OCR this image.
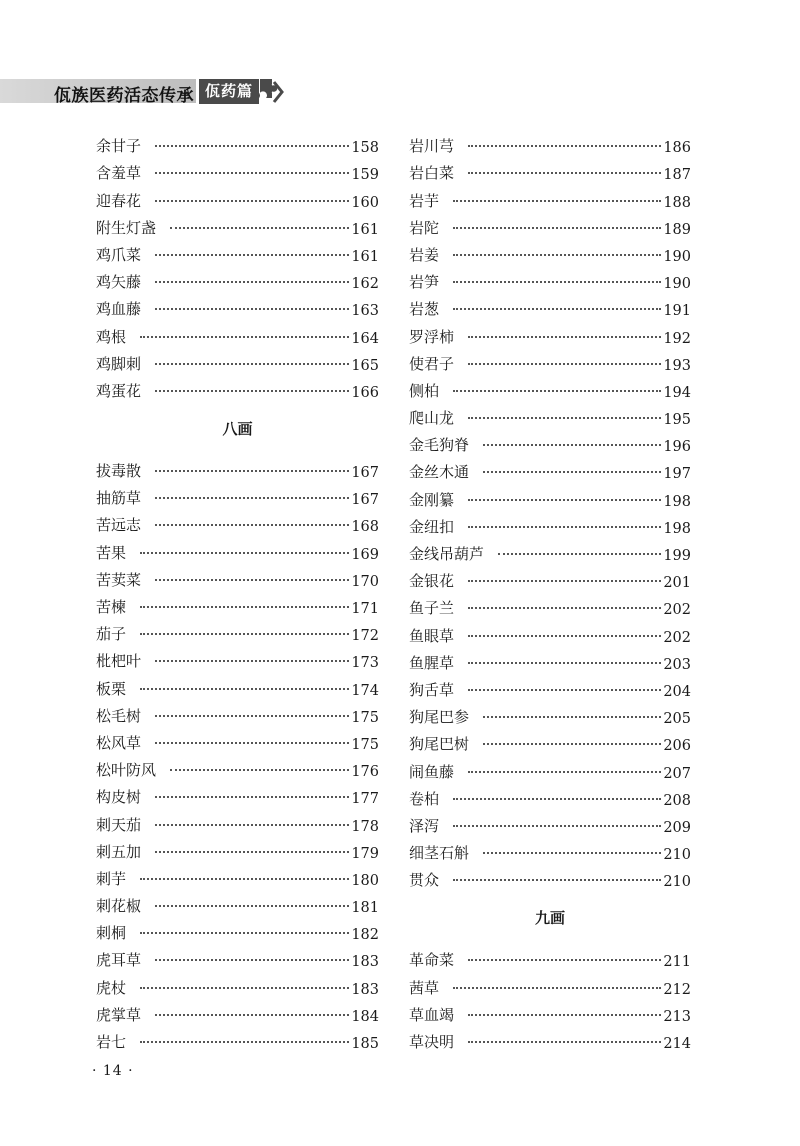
佤族医药活态传承 佤药篇
余甘子	158
含羞草	159
迎春花	160
附生灯盏	161
鸡爪菜	161
鸡矢藤	162
鸡血藤	163
鸡根	164
鸡脚刺	165
鸡蛋花	166
八画
拔毒散	167
抽筋草	167
苦远志	168
苦果	169
苦荬菜	170
苦楝	171
茄子	172
枇杷叶	173
板栗	174
松毛树	175
松风草	175
松叶防风	176
构皮树	177
刺天茄	178
刺五加	179
刺芋	180
刺花椒	181
刺桐	182
虎耳草	183
虎杖	183
虎掌草	184
岩七	185
岩川芎	186
岩白菜	187
岩芋	188
岩陀	189
岩姜	190
岩笋	190
岩葱	191
罗浮柿	192
使君子	193
侧柏	194
爬山龙	195
金毛狗脊	196
金丝木通	197
金刚纂	198
金纽扣	198
金线吊葫芦	199
金银花	201
鱼子兰	202
鱼眼草	202
鱼腥草	203
狗舌草	204
狗尾巴参	205
狗尾巴树	206
闹鱼藤	207
卷柏	208
泽泻	209
细茎石斛	210
贯众	210
九画
革命菜	211
茜草	212
草血竭	213
草决明	214
· 14 ·
